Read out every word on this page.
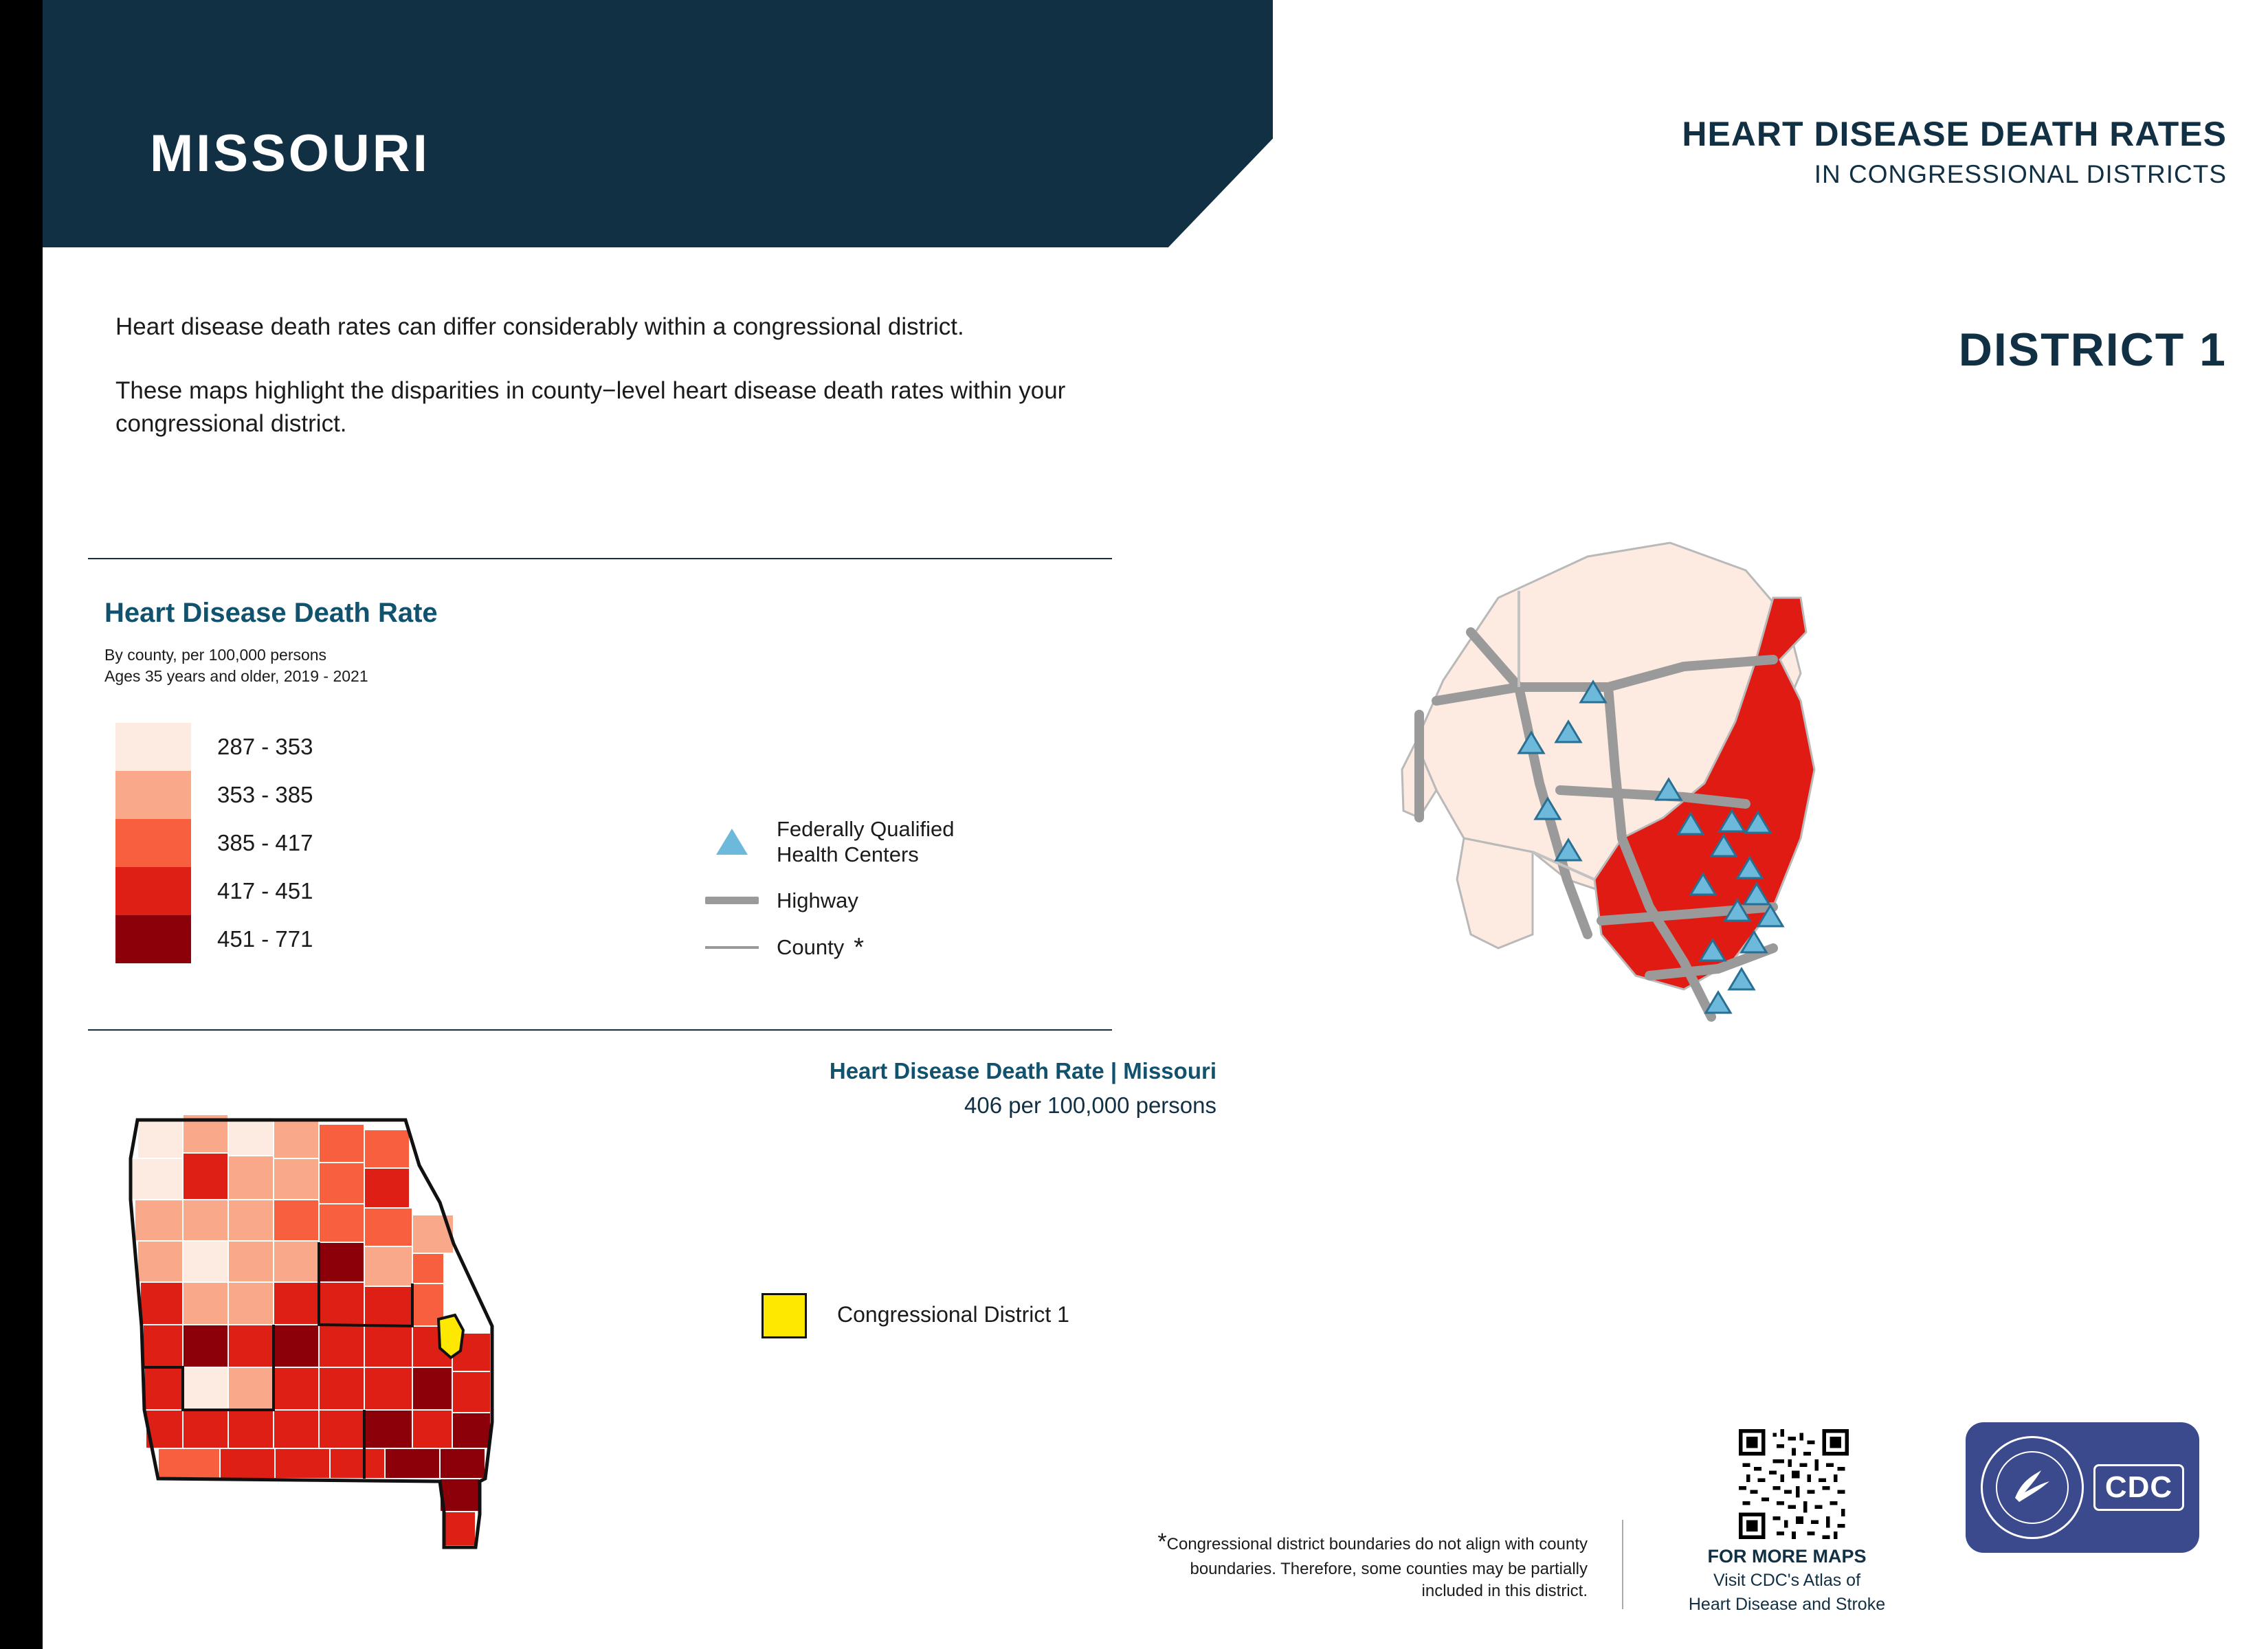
MISSOURI	HEART DISEASE DEATH RATES
IN CONGRESSIONAL DISTRICTS

Heart disease death rates can differ considerably within a congressional district.

These maps highlight the disparities in county−level heart disease death rates within your congressional district.

DISTRICT 1
Heart Disease Death Rate
By county, per 100,000 persons
Ages 35 years and older, 2019 - 2021
287 - 353
353 - 385
385 - 417
417 - 451
451 - 771
Federally Qualified
Health Centers
Highway
County *
Heart Disease Death Rate | Missouri
406 per 100,000 persons
Congressional District 1
*Congressional district boundaries do not align with county boundaries. Therefore, some counties may be partially included in this district.
FOR MORE MAPS
Visit CDC's Atlas of
Heart Disease and Stroke
CDC
